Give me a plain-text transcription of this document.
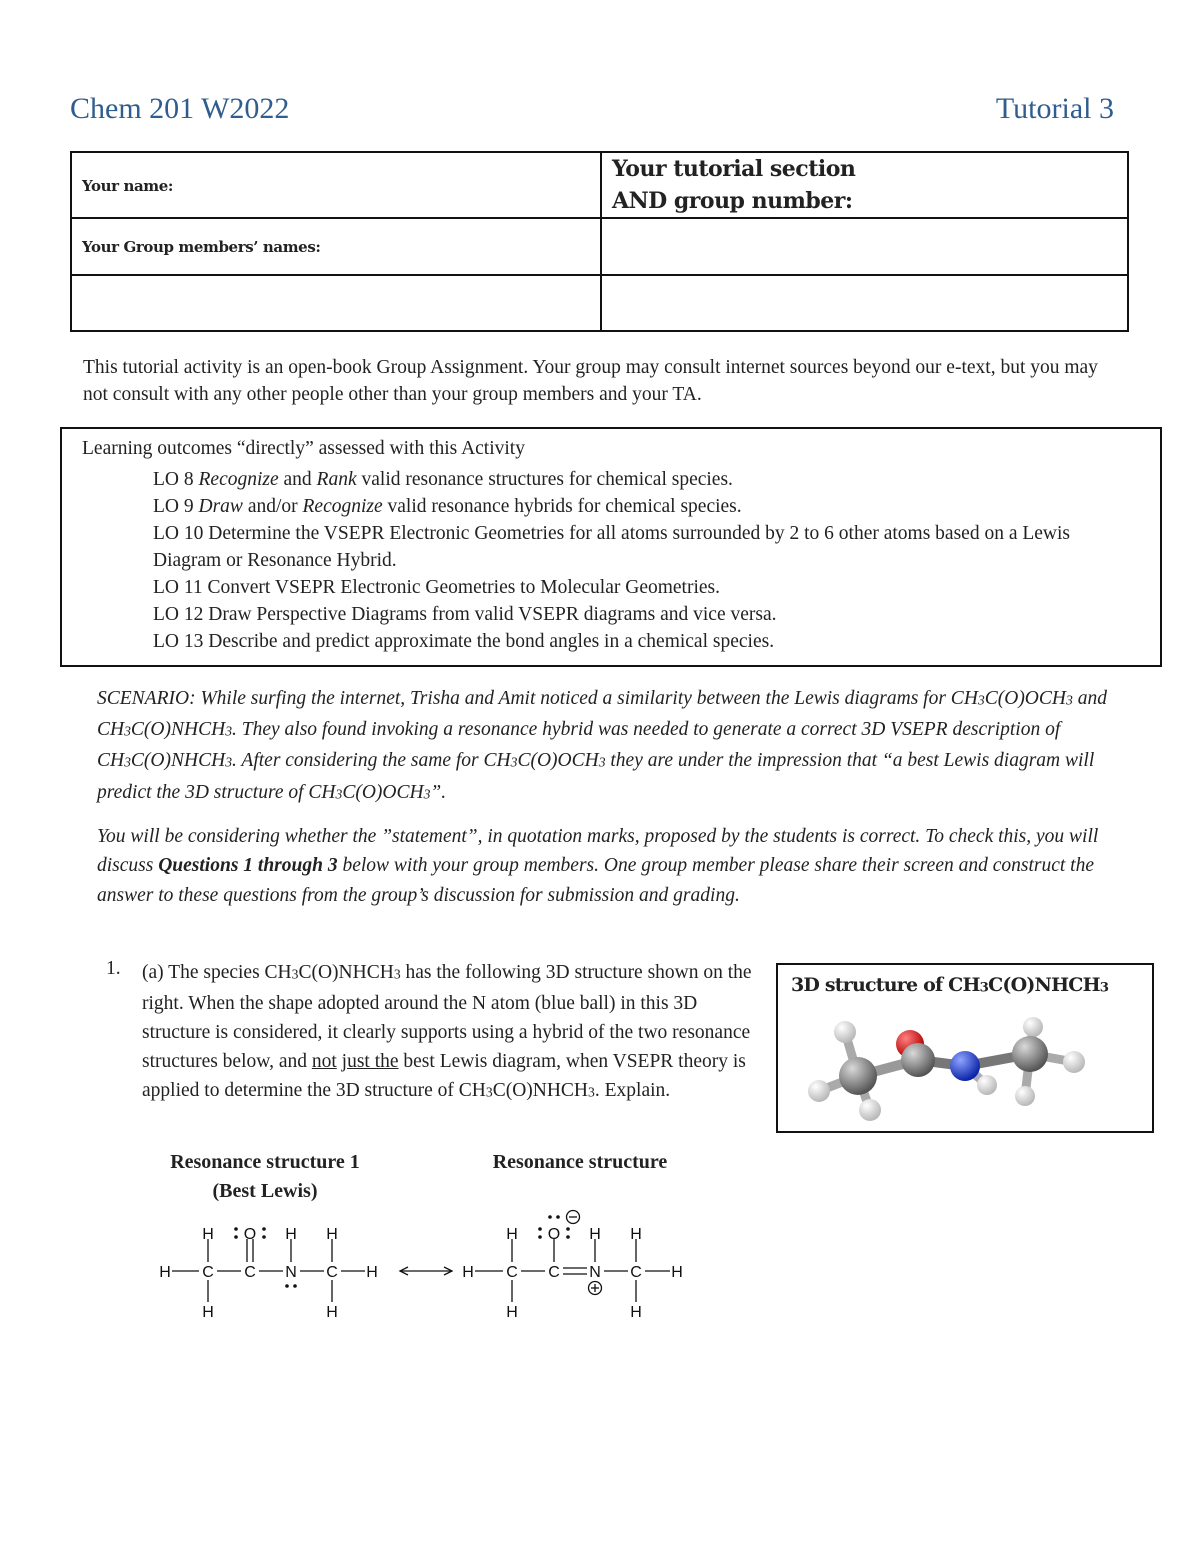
Chem 201 W2022	Tutorial 3
Your name:	Your tutorial section
AND group number:

Your Group members’ names:	

This tutorial activity is an open-book Group Assignment. Your group may consult internet sources beyond our e-text, but you may not consult with any other people other than your group members and your TA.
Learning outcomes “directly” assessed with this Activity
LO 8 Recognize and Rank valid resonance structures for chemical species.
LO 9 Draw and/or Recognize valid resonance hybrids for chemical species.
LO 10 Determine the VSEPR Electronic Geometries for all atoms surrounded by 2 to 6 other atoms based on a Lewis Diagram or Resonance Hybrid.
LO 11 Convert VSEPR Electronic Geometries to Molecular Geometries.
LO 12 Draw Perspective Diagrams from valid VSEPR diagrams and vice versa.
LO 13 Describe and predict approximate the bond angles in a chemical species.

SCENARIO: While surfing the internet, Trisha and Amit noticed a similarity between the Lewis diagrams for CH3C(O)OCH3 and CH3C(O)NHCH3. They also found invoking a resonance hybrid was needed to generate a correct 3D VSEPR description of CH3C(O)NHCH3. After considering the same for CH3C(O)OCH3 they are under the impression that “a best Lewis diagram will predict the 3D structure of CH3C(O)OCH3”.

You will be considering whether the ”statement”, in quotation marks, proposed by the students is correct. To check this, you will discuss Questions 1 through 3 below with your group members. One group member please share their screen and construct the answer to these questions from the group’s discussion for submission and grading.

1. (a) The species CH3C(O)NHCH3 has the following 3D structure shown on the right. When the shape adopted around the N atom (blue ball) in this 3D structure is considered, it clearly supports using a hybrid of the two resonance structures below, and not just the best Lewis diagram, when VSEPR theory is applied to determine the 3D structure of CH3C(O)NHCH3. Explain.
3D structure of CH3C(O)NHCH3
Resonance structure 1
(Best Lewis)
Resonance structure
H O H H
H C C N C H
H	H
H O H H
H C C N C H
H	H
